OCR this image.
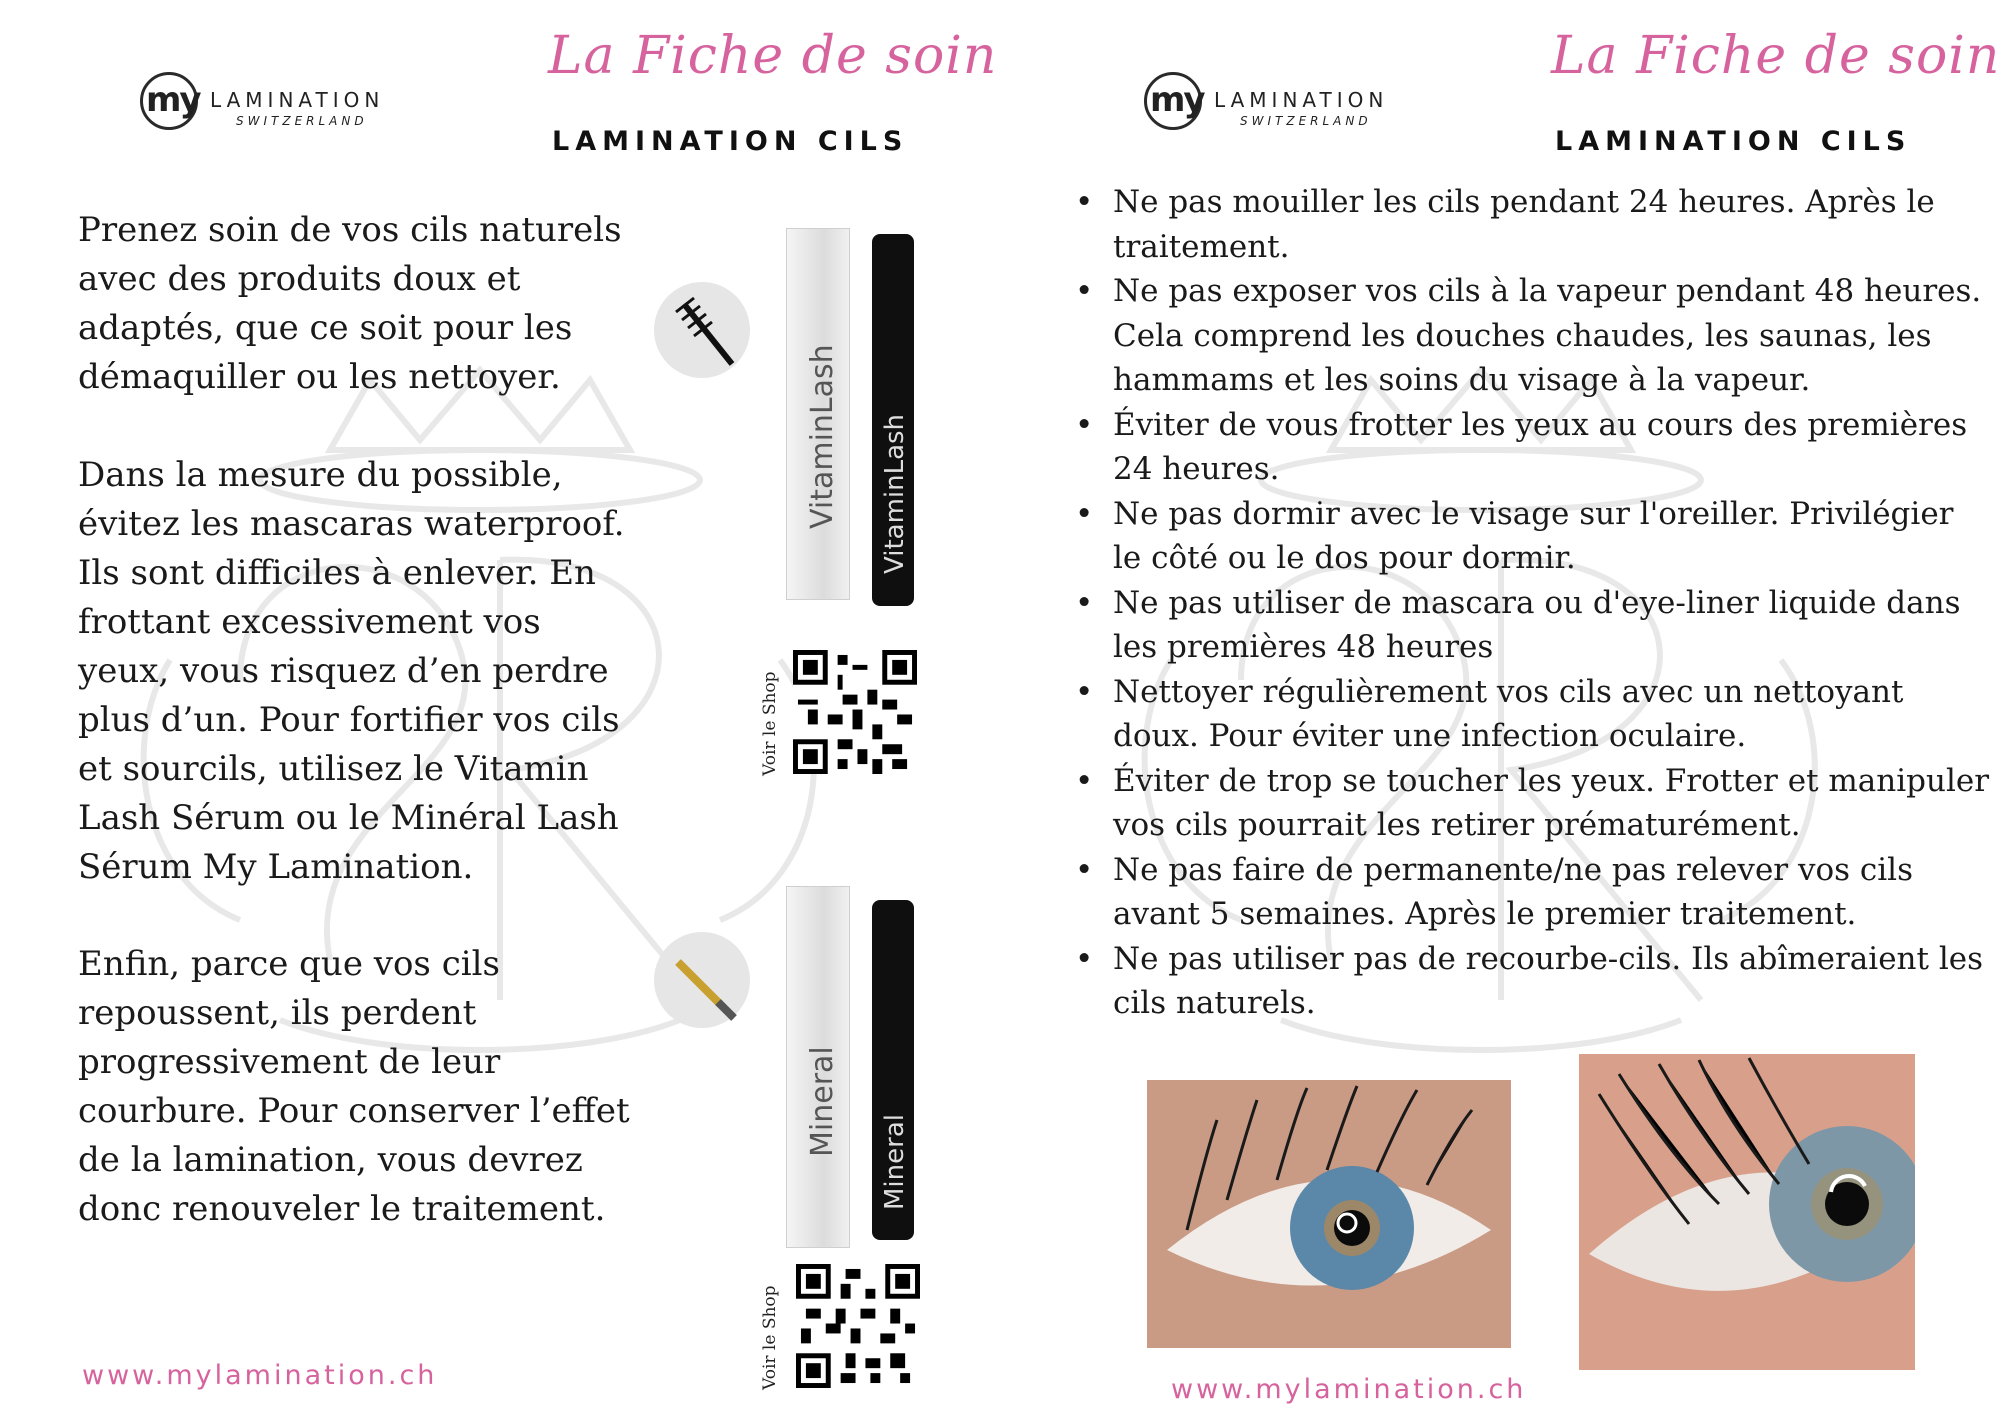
my LAMINATION
SWITZERLAND
La Fiche de soin
LAMINATION CILS

Prenez soin de vos cils naturels
avec des produits doux et
adaptés, que ce soit pour les
démaquiller ou les nettoyer.

Dans la mesure du possible,
évitez les mascaras waterproof.
Ils sont difficiles à enlever. En
frottant excessivement vos
yeux, vous risquez d’en perdre
plus d’un. Pour fortifier vos cils
et sourcils, utilisez le Vitamin
Lash Sérum ou le Minéral Lash
Sérum My Lamination.

Enfin, parce que vos cils
repoussent, ils perdent
progressivement de leur
courbure. Pour conserver l’effet
de la lamination, vous devrez
donc renouveler le traitement.

VitaminLash VitaminLash
Voir le Shop
Mineral
Mineral
Voir le Shop
www.mylamination.ch
my LAMINATION
SWITZERLAND
La Fiche de soin
LAMINATION CILS
• Ne pas mouiller les cils pendant 24 heures. Après le traitement.
• Ne pas exposer vos cils à la vapeur pendant 48 heures. Cela comprend les douches chaudes, les saunas, les hammams et les soins du visage à la vapeur.
• Éviter de vous frotter les yeux au cours des premières 24 heures.
• Ne pas dormir avec le visage sur l'oreiller. Privilégier le côté ou le dos pour dormir.
• Ne pas utiliser de mascara ou d'eye-liner liquide dans les premières 48 heures
• Nettoyer régulièrement vos cils avec un nettoyant doux. Pour éviter une infection oculaire.
• Éviter de trop se toucher les yeux. Frotter et manipuler vos cils pourrait les retirer prématurément.
• Ne pas faire de permanente/ne pas relever vos cils avant 5 semaines. Après le premier traitement.
• Ne pas utiliser pas de recourbe-cils. Ils abîmeraient les cils naturels.
www.mylamination.ch
